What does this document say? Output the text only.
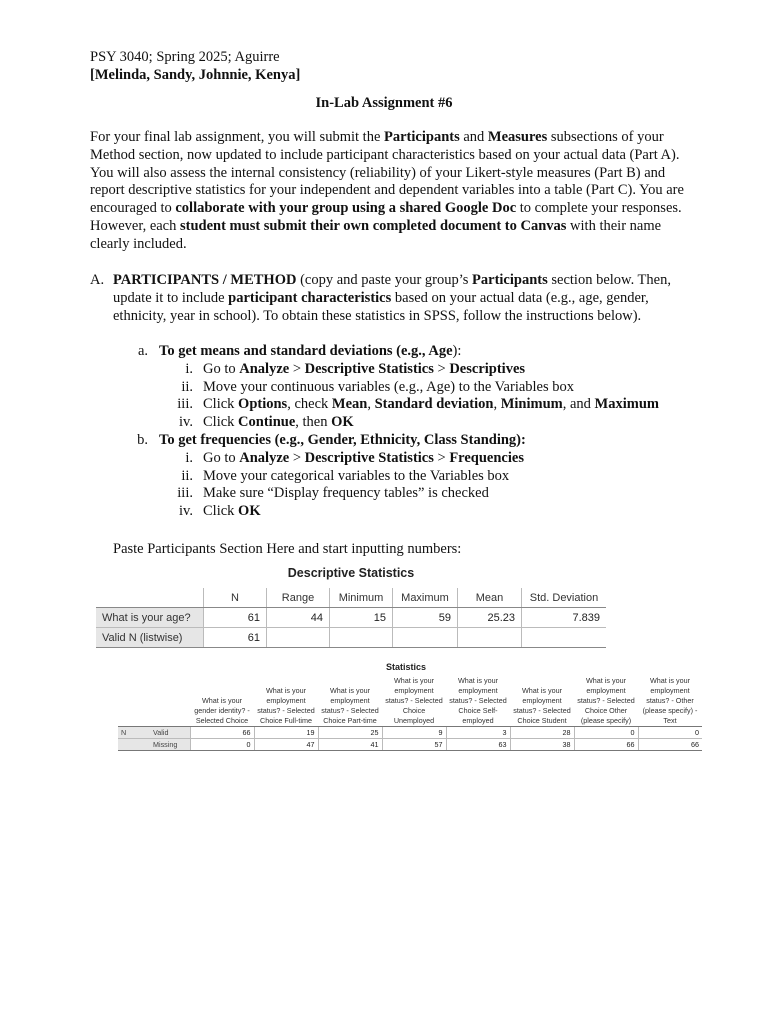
PSY 3040; Spring 2025; Aguirre
[Melinda, Sandy, Johnnie, Kenya]
In-Lab Assignment #6
For your final lab assignment, you will submit the Participants and Measures subsections of your Method section, now updated to include participant characteristics based on your actual data (Part A). You will also assess the internal consistency (reliability) of your Likert-style measures (Part B) and report descriptive statistics for your independent and dependent variables into a table (Part C). You are encouraged to collaborate with your group using a shared Google Doc to complete your responses. However, each student must submit their own completed document to Canvas with their name clearly included.
A. PARTICIPANTS / METHOD (copy and paste your group’s Participants section below. Then, update it to include participant characteristics based on your actual data (e.g., age, gender, ethnicity, year in school). To obtain these statistics in SPSS, follow the instructions below).
a. To get means and standard deviations (e.g., Age):
i. Go to Analyze > Descriptive Statistics > Descriptives
ii. Move your continuous variables (e.g., Age) to the Variables box
iii. Click Options, check Mean, Standard deviation, Minimum, and Maximum
iv. Click Continue, then OK
b. To get frequencies (e.g., Gender, Ethnicity, Class Standing):
i. Go to Analyze > Descriptive Statistics > Frequencies
ii. Move your categorical variables to the Variables box
iii. Make sure “Display frequency tables” is checked
iv. Click OK
Paste Participants Section Here and start inputting numbers:
Descriptive Statistics
	N	Range	Minimum	Maximum	Mean	Std. Deviation
What is your age?	61	44	15	59	25.23	7.839
Valid N (listwise)	61					
Statistics
		What is your gender identity? - Selected Choice	What is your employment status? - Selected Choice Full-time	What is your employment status? - Selected Choice Part-time	What is your employment status? - Selected Choice Unemployed	What is your employment status? - Selected Choice Self-employed	What is your employment status? - Selected Choice Student	What is your employment status? - Selected Choice Other (please specify)	What is your employment status? - Other (please specify) - Text
N	Valid	66	19	25	9	3	28	0	0
	Missing	0	47	41	57	63	38	66	66
